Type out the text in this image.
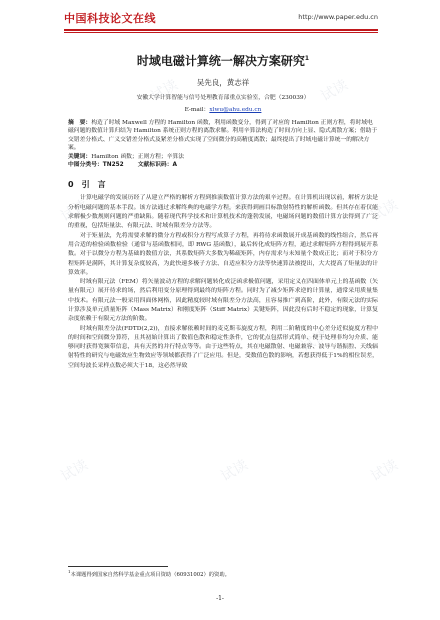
中国科技论文在线	http://www.paper.edu.cn
时域电磁计算统一解决方案研究$^1$
吴先良，黄志祥
安徽大学计算智能与信号处理教育部重点实验室，合肥（230039）
E-mail：xlwu@ahu.edu.cn
摘　要：构造了时域 Maxwell 方程的 Hamilton 函数，利用函数变分，得到了对应的 Hamilton 正则方程，将时域电磁问题的数值计算归结为 Hamilton 系统正则方程的离散求解。利用辛算法构造了时间方向上显、隐式离散方案；借助于交错差分格式、广义交错差分格式及紧差分格式实现了空间微分的高精度离散；最终提出了时域电磁计算统一的解决方案。
关键词：Hamilton 函数；正则方程；辛算法
中图分类号：TN252 文献标识码：A
0　引　言

计算电磁学的发展历经了从建立严格的解析方程到推演数值计算方法的艰辛过程。在计算机出现以前，解析方法是分析电磁问题的基本手段。该方法通过求解终典的电磁学方程，来获得到画目标散射特性的解析函数。但其存在着仅能求解极少数规则问题的严重缺陷。随着现代科学技术和计算机技术的蓬勃发展，电磁场问题的数值计算方法得到了广泛的重视，包括矩量法、有限元法、时域有限差分方法等。

对于矩量法，先将需要求解的微分方程或积分方程写成算子方程，再将待求函数展开成基函数的线性组合，然后再用合适的检验函数检验（通常与基函数相同，即 RWG 基函数），最后转化成矩阵方程，通过求解矩阵方程得到展开系数。对于以微分方程为基础的数值方法，其系数矩阵大多数为稀疏矩阵，内存需求与未知量个数成正比；而对于积分方程矩阵是满阵，其计算复杂度较高，为此快速多极子方法、自适应积分方法等快速算法被提出，大大提高了矩量法的计算效率。

时域有限元法（FEM）将矢量波动方程的求解问题转化成泛函求极值问题，采用定义在四面体单元上的基函数（矢量有限元）展开待求的场，然后利用变分原理得到最终的矩阵方程。同时为了减少矩阵求逆的计算量，通常采用质量集中技术。有限元法一般采用四面体网格，因此精度较时域有限差分方法高，且容易推广到高阶，此外，有限元法的实际计算涉及单元质量矩阵（Mass Matrix）和刚度矩阵（Stiff Matrix）关键矩阵，因此没有后时不稳定的现象，计算复杂度依赖于有限元方法的阶数。

时域有限差分法(FDTD(2,2))，直接求解依赖时间的麦克斯韦旋度方程，利用二阶精度的中心差分近似旋度方程中的时间和空间微分算符，且其初始计算出了数值色散和稳定性条件，它的优点包括形式简单、便于处理非均匀介质、能够同时获得宽频带信息，具有天然的并行特点等等。由于这些特点，其在电磁散射、电磁兼容、波导与谐振腔、天线辐射特性的研究与电磁效应生物效应等领域都获得了广泛应用。但是，受数值色散的影响，若想获得低于1%的相位误差，空间每波长采样点数必须大于18，这必然导致

$^1$本课题得到国家自然科学基金重点项目资助（60931002）的资助。
-1-
试读	试读
试读	试读	试读
试读	试读
试读	试读	试读
